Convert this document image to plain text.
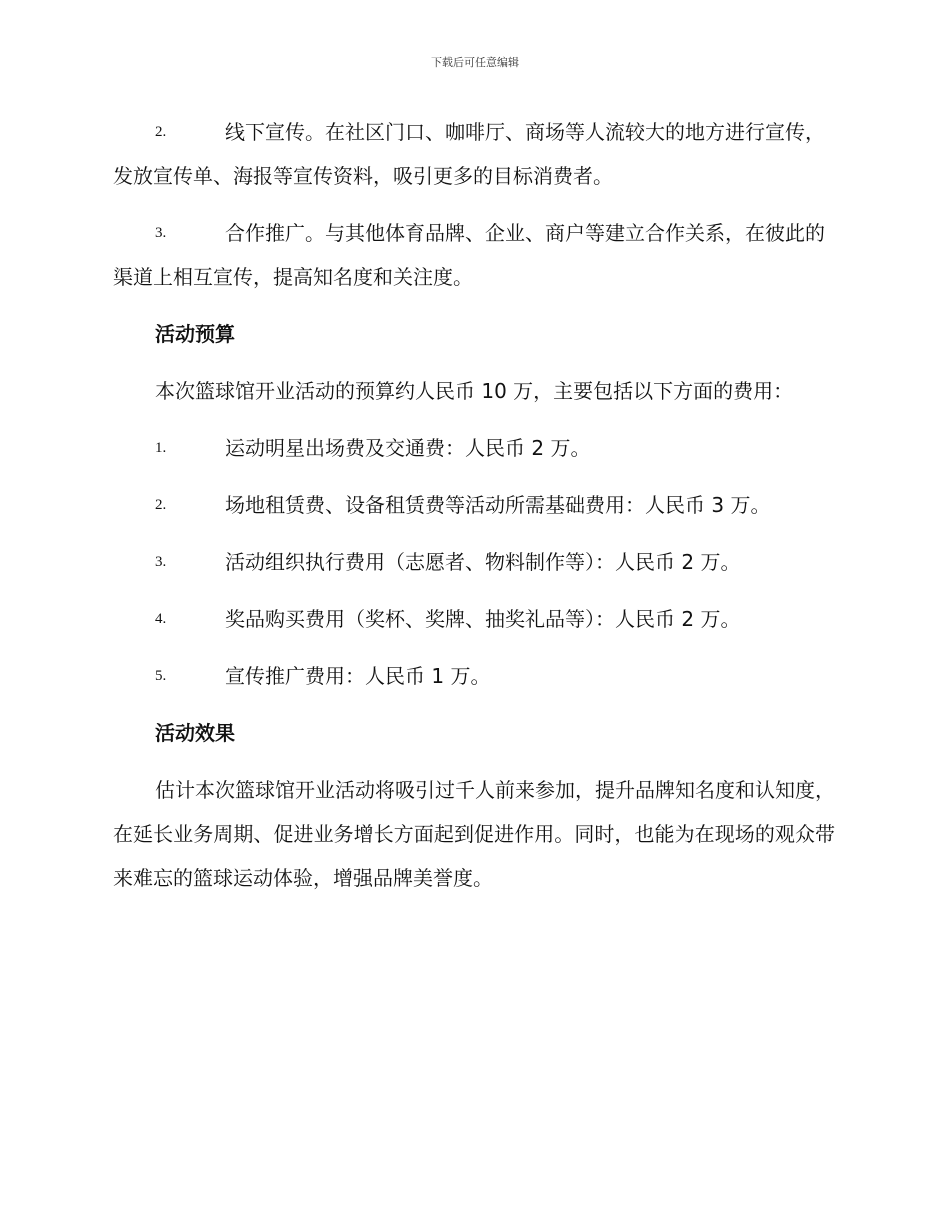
下载后可任意编辑
2.	线下宣传。在社区门口、咖啡厅、商场等人流较大的地方进行宣传，发放宣传单、海报等宣传资料，吸引更多的目标消费者。
3.	合作推广。与其他体育品牌、企业、商户等建立合作关系，在彼此的渠道上相互宣传，提高知名度和关注度。
活动预算
本次篮球馆开业活动的预算约人民币 10 万，主要包括以下方面的费用：
1.	运动明星出场费及交通费：人民币 2 万。
2.	场地租赁费、设备租赁费等活动所需基础费用：人民币 3 万。
3.	活动组织执行费用（志愿者、物料制作等）：人民币 2 万。
4.	奖品购买费用（奖杯、奖牌、抽奖礼品等）：人民币 2 万。
5.	宣传推广费用：人民币 1 万。
活动效果
估计本次篮球馆开业活动将吸引过千人前来参加，提升品牌知名度和认知度，在延长业务周期、促进业务增长方面起到促进作用。同时，也能为在现场的观众带来难忘的篮球运动体验，增强品牌美誉度。
